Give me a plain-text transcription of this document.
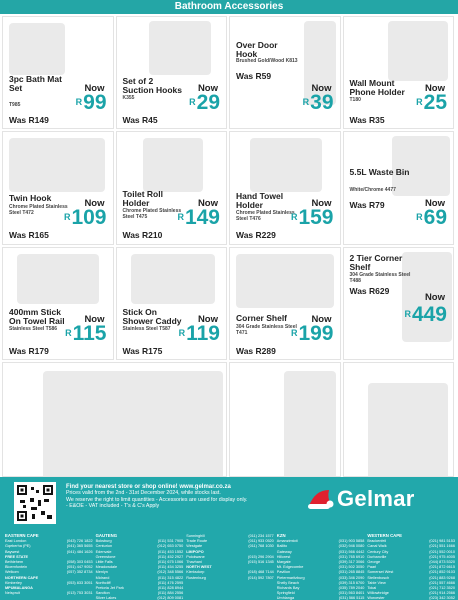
Bathroom Accessories
3pc Bath Mat Set
T985
Was R149
Now
$^R$99
Set of 2 Suction Hooks
K355
Was R45
Now
$^R$29
Over Door Hook
Brushed Gold/Wood K813
Was R59
Now
$^R$39
Wall Mount Phone Holder
T180
Was R35
Now
$^R$25
Twin Hook
Chrome Plated Stainless Steel T472
Was R165
Now
$^R$109
Toilet Roll Holder
Chrome Plated Stainless Steel T475
Was R210
Now
$^R$149
Hand Towel Holder
Chrome Plated Stainless Steel T476
Was R229
Now
$^R$159
5.5L Waste Bin
White/Chrome 4477
Was R79	Now
$^R$69
400mm Stick On Towel Rail
Stainless Steel T586
Was R179
Now
$^R$115
Stick On Shower Caddy
Stainless Steel T587
Was R175
Now
$^R$119
Corner Shelf
304 Grade Stainless Steel T471
Was R289
Now
$^R$199
2 Tier Corner Shelf
304 Grade Stainless Steel T488
Was R629
Now
$^R$449
Find your nearest store or shop online! www.gelmar.co.za
Prices valid from the 2nd - 31st December 2024, while stocks last.
We reserve the right to limit quantities - Accessories are used for display only.
- E&OE - VAT included - T's & C's Apply	Gelmar
EASTERN CAPE
East London	(043) 726 1822
Gqeberha (PE)	(041) 365 5655
Baywest	(041) 484 1626
FREE STATE
Bethlehem	(058) 303 0453
Bloemfontein	(051) 447 9052
Welkom	(057) 352 8734
NORTHERN CAPE
Kimberley	(053) 833 3051
MPUMALANGA
Nelspruit	(013) 753 3031
GAUTENG
Boksburg	(011) 531 7905
Centurion	(012) 653 0750
Edenvale	(011) 453 1552
Greenstone	(011) 452 2927
Little Falls	(011) 675 1066
Meadowdale	(011) 454 3255
Menlyn	(012) 348 5566
Midrand	(011) 315 4822
Northcliff	(011) 476 2595
Pretoria Jet Park	(011) 828 8944
Sandton	(011) 884 2556
Silver Lakes	(012) 809 0081
Sunninghill	(011) 234 1577
Trade Route	(011) 933 0520
Westgate	(011) 768 1030
LIMPOPO
Polokwane	(015) 296 2904
Thavhani	(015) 516 1345
NORTH WEST
Klerksdorp	(018) 468 7144
Rustenburg	(014) 592 7807
KZN
Amanzimtoti	(031) 903 5858
Ballito	(032) 946 0080
Gateway	(031) 566 4442
Hillcrest	(031) 765 6910
Margate	(039) 317 3066
Mt. Edgecombe	(031) 502 3050
Pavilion	(031) 265 8845
Pietermaritzburg	(033) 346 2090
Shelly Beach	(039) 315 6700
Richards Bay	(035) 789 2040
Springfield	(031) 563 8401
Umhlanga	(031) 566 5115
WESTERN CAPE
Brackenfell	(021) 981 5153
Canal Walk	(021) 551 1666
Century City	(021) 552 0010
Durbanville	(021) 975 4005
George	(044) 873 5320
Paarl	(021) 872 6615
Somerset West	(021) 852 9103
Stellenbosch	(021) 883 9268
Table View	(021) 557 4666
Tokai	(021) 712 3520
Willowbridge	(021) 914 2566
Worcester	(023) 342 3052
